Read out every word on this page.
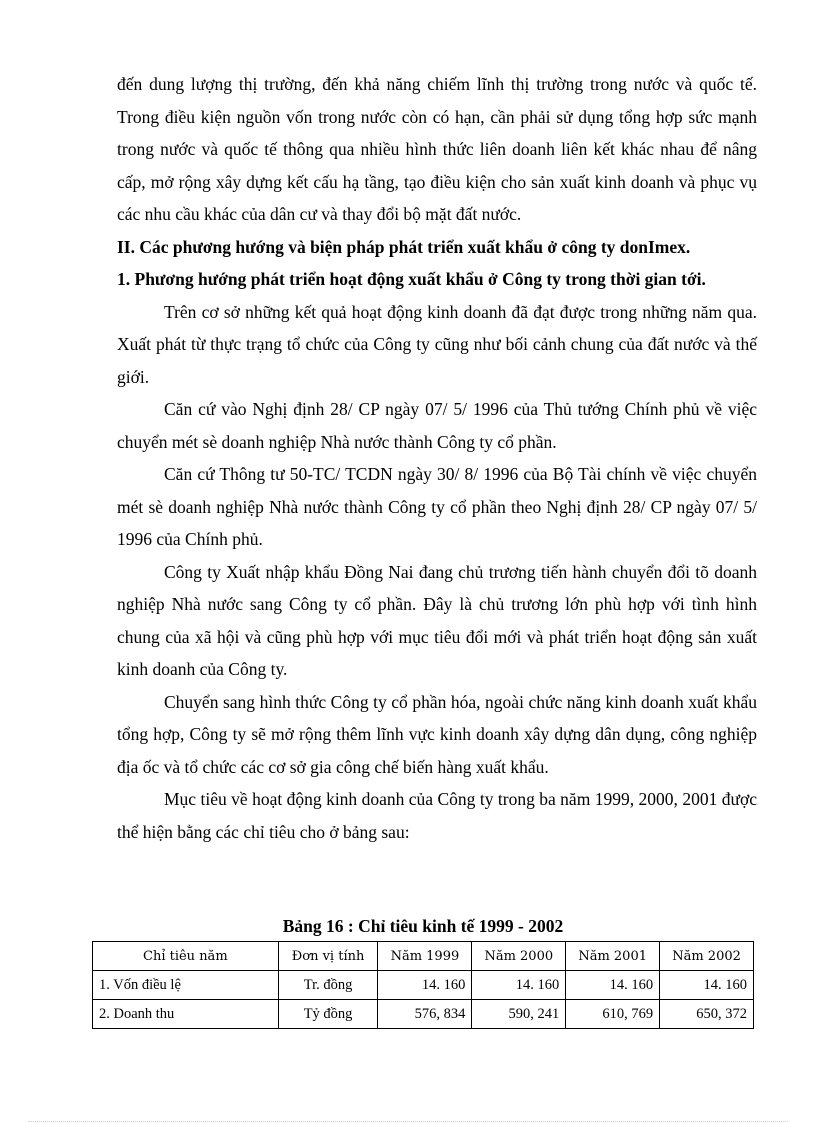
đến dung lượng thị trường, đến khả năng chiếm lĩnh thị trường trong nước và quốc tế. Trong điều kiện nguồn vốn trong nước còn có hạn, cần phải sử dụng tổng hợp sức mạnh trong nước và quốc tế thông qua nhiều hình thức liên doanh liên kết khác nhau để nâng cấp, mở rộng xây dựng kết cấu hạ tầng, tạo điều kiện cho sản xuất kinh doanh và phục vụ các nhu cầu khác của dân cư và thay đổi bộ mặt đất nước.

II. Các phương hướng và biện pháp phát triển xuất khẩu ở công ty donImex.

1. Phương hướng phát triển hoạt động xuất khẩu ở Công ty trong thời gian tới.

Trên cơ sở những kết quả hoạt động kinh doanh đã đạt được trong những năm qua. Xuất phát từ thực trạng tổ chức của Công ty cũng như bối cảnh chung của đất nước và thế giới.

Căn cứ vào Nghị định 28/ CP ngày 07/ 5/ 1996 của Thủ tướng Chính phủ về việc chuyển mét sè doanh nghiệp Nhà nước thành Công ty cổ phần.

Căn cứ Thông tư 50-TC/ TCDN ngày 30/ 8/ 1996 của Bộ Tài chính về việc chuyển mét sè doanh nghiệp Nhà nước thành Công ty cổ phần theo Nghị định 28/ CP ngày 07/ 5/ 1996 của Chính phủ.

Công ty Xuất nhập khẩu Đồng Nai đang chủ trương tiến hành chuyển đổi tõ doanh nghiệp Nhà nước sang Công ty cổ phần. Đây là chủ trương lớn phù hợp với tình hình chung của xã hội và cũng phù hợp với mục tiêu đổi mới và phát triển hoạt động sản xuất kinh doanh của Công ty.

Chuyển sang hình thức Công ty cổ phần hóa, ngoài chức năng kinh doanh xuất khẩu tổng hợp, Công ty sẽ mở rộng thêm lĩnh vực kinh doanh xây dựng dân dụng, công nghiệp địa ốc và tổ chức các cơ sở gia công chế biến hàng xuất khẩu.

Mục tiêu về hoạt động kinh doanh của Công ty trong ba năm 1999, 2000, 2001 được thể hiện bằng các chỉ tiêu cho ở bảng sau:

Bảng 16 : Chỉ tiêu kinh tế 1999 - 2002
Chỉ tiêu năm	Đơn vị tính	Năm 1999	Năm 2000	Năm 2001	Năm 2002
1. Vốn điều lệ	Tr. đồng	14. 160	14. 160	14. 160	14. 160
2. Doanh thu	Tỷ đồng	576, 834	590, 241	610, 769	650, 372
